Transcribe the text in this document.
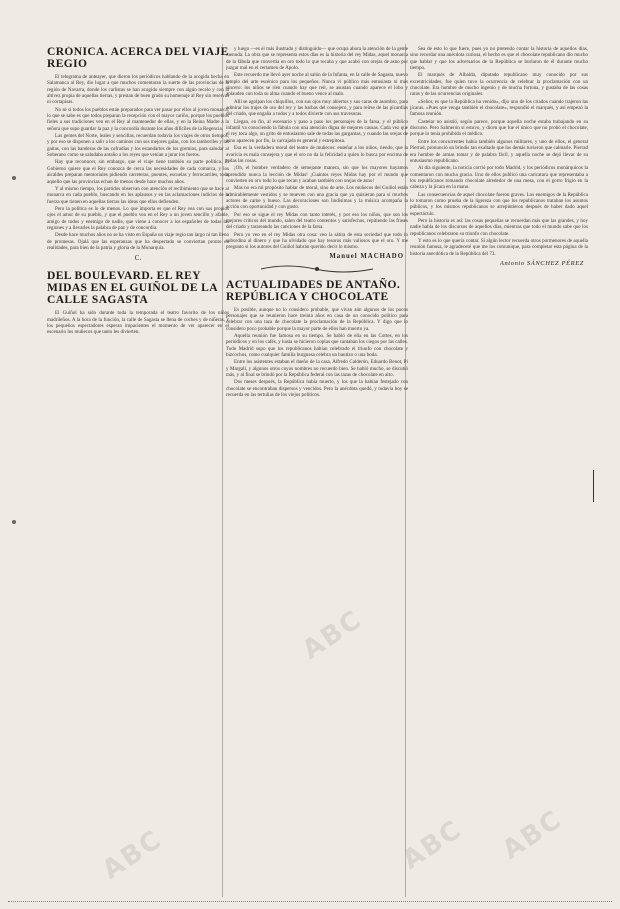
ABC
ABC
ABC ABC
CRÓNICA. ACERCA DEL VIAJE REGIO

El telegrama de anteayer, que dieron los periódicos hablando de la acogida hecha en Salamanca al Rey, dio lugar a que muchos comentaran la suerte de las provincias de la región de Navarra, donde los carlistas se han acogido siempre con algún recelo y con la altivez propia de aquellas tierras, y prestan de buen grado su homenaje al Rey sin reservas ni cortapisas.

No sé si todos los pueblos están preparados para ver pasar por ellos al joven monarca; lo que se sabe es que todos preparan la recepción con el mayor cariño, porque los pueblos fieles a sus tradiciones ven en el Rey al mantenedor de ellas, y en la Reina Madre a la señora que supo guardar la paz y la concordia durante los años difíciles de la Regencia.

Las gentes del Norte, leales y sencillas, recuerdan todavía los viajes de otros tiempos, y por eso se disponen a salir a los caminos con sus mejores galas, con los tamboriles y las gaitas, con las banderas de las cofradías y los estandartes de los gremios, para saludar al Soberano como se saludaba antaño a los reyes que venían a jurar los fueros.

Hay que reconocer, sin embargo, que el viaje tiene también su parte política. El Gobierno quiere que el Rey conozca de cerca las necesidades de cada comarca, y los alcaldes preparan memoriales pidiendo carreteras, puentes, escuelas y ferrocarriles, todo aquello que las provincias echan de menos desde hace muchos años.

Y al mismo tiempo, los partidos observan con atención el recibimiento que se hace al monarca en cada pueblo, buscando en los aplausos y en las aclamaciones indicios de la fuerza que tienen en aquellas tierras las ideas que ellos defienden.

Pero la política es lo de menos. Lo que importa es que el Rey vea con sus propios ojos el amor de su pueblo, y que el pueblo vea en el Rey a un joven sencillo y afable, amigo de todos y enemigo de nadie, que viene a conocer a los españoles de todas las regiones y a llevarles la palabra de paz y de concordia.

Desde hace muchos años no se ha visto en España un viaje regio tan largo ni tan lleno de promesas. Ojalá que las esperanzas que ha despertado se conviertan pronto en realidades, para bien de la patria y gloria de la Monarquía.

C.
DEL BOULEVARD. EL REY MIDAS EN EL GUIÑOL DE LA CALLE SAGASTA

El Guiñol ha sido durante toda la temporada el teatro favorito de los niños madrileños. A la hora de la función, la calle de Sagasta se llena de coches y de niñeras, y los pequeños espectadores esperan impacientes el momento de ver aparecer en el escenario los muñecos que tanto les divierten.

y luego —es el más ilustrado y distinguido— que ocupa ahora la atención de la gente menuda. La obra que se representa estos días es la historia del rey Midas, aquel monarca de la fábula que convertía en oro todo lo que tocaba y que acabó con orejas de asno por juzgar mal en el certamen de Apolo.

Este recuerdo me llevó ayer noche al salón de la Infanta, en la calle de Sagasta, nuevo templo del arte escénico para los pequeños. Nunca vi público más entusiasta ni más sincero: los niños se ríen cuando hay que reír, se asustan cuando aparece el lobo y aplauden con toda su alma cuando el bueno vence al malo.

Allí se agolpan los chiquillos, con sus ojos muy abiertos y sus caras de asombro, para admirar los trajes de oro del rey y las barbas del consejero, y para reírse de las picardías del criado, que engaña a todos y a todos divierte con sus travesuras.

Llegan, en fin, al escenario y paso a paso los personajes de la farsa, y el público infantil va conociendo la fábula con una atención digna de mejores causas. Cada vez que el rey toca algo, un grito de entusiasmo sale de todas las gargantas, y cuando las orejas de asno aparecen por fin, la carcajada es general y estrepitosa.

Esa es la verdadera moral del teatro de muñecos: enseñar a los niños, riendo, que la avaricia es mala consejera y que el oro no da la felicidad a quien lo busca por encima de todas las cosas.

¡Oh, el hombre verdadero de semejante manera, sin que los mayores hayamos aprendido nunca la lección de Midas! ¡Cuántos reyes Midas hay por el mundo que convierten en oro todo lo que tocan y acaban también con orejas de asno!

Mas no era mi propósito hablar de moral, sino de arte. Los muñecos del Guiñol están admirablemente vestidos y se mueven con una gracia que ya quisieran para sí muchos actores de carne y hueso. Las decoraciones son lindísimas y la música acompaña la acción con oportunidad y con gusto.

Por eso se sigue el rey Midas con tanto interés, y por eso los niños, que son los mejores críticos del mundo, salen del teatro contentos y satisfechos, repitiendo las frases del criado y tarareando las canciones de la farsa.

Pero yo veo en el rey Midas otra cosa: veo la sátira de esta sociedad que todo lo subordina al dinero y que ha olvidado que hay tesoros más valiosos que el oro. Y me pregunto si los autores del Guiñol habrán querido decir lo mismo.

Manuel MACHADO
ACTUALIDADES DE ANTAÑO. REPÚBLICA Y CHOCOLATE

Es posible, aunque no lo considero probable, que vivan aún algunos de los pocos personajes que se reunieron hace treinta años en casa de un conocido político para celebrar con una taza de chocolate la proclamación de la República. Y digo que lo considero poco probable porque la mayor parte de ellos han muerto ya.

Aquella reunión fue famosa en su tiempo. Se habló de ella en las Cortes, en los periódicos y en los cafés, y hasta se hicieron coplas que cantaban los ciegos por las calles. Todo Madrid supo que los republicanos habían celebrado el triunfo con chocolate y bizcochos, como cualquier familia burguesa celebra un bautizo o una boda.

Entre los asistentes estaban el dueño de la casa, Alfredo Calderón, Eduardo Benot, Pi y Margall, y algunos otros cuyos nombres no recuerdo bien. Se habló mucho, se discutió más, y al final se brindó por la República federal con las tazas de chocolate en alto.

Dos meses después, la República había muerto, y los que la habían festejado con chocolate se encontraban dispersos y vencidos. Pero la anécdota quedó, y todavía hoy se recuerda en las tertulias de los viejos políticos.

Sea de esto lo que fuere, pues yo no pretendo contar la historia de aquellos días, sino recordar una anécdota curiosa, el hecho es que el chocolate republicano dio mucho que hablar y que los adversarios de la República se burlaron de él durante mucho tiempo.

El marqués de Albaida, diputado republicano muy conocido por sus excentricidades, fue quien tuvo la ocurrencia de celebrar la proclamación con un chocolate. Era hombre de mucho ingenio y de mucha fortuna, y gustaba de las cosas raras y de las ocurrencias originales.

«Señor, es que la República ha venido», dijo uno de los criados cuando trajeron las jícaras. «Pues que venga también el chocolate», respondió el marqués, y así empezó la famosa reunión.

Castelar no asistió, según parece, porque aquella noche estaba trabajando en su discurso. Pero Salmerón sí estuvo, y dicen que fue el único que no probó el chocolate, porque lo tenía prohibido el médico.

Entre los concurrentes había también algunos militares, y uno de ellos, el general Pierrad, pronunció un brindis tan exaltado que los demás tuvieron que calmarle. Pierrad era hombre de armas tomar y de palabra fácil, y aquella noche se dejó llevar de su entusiasmo republicano.

Al día siguiente, la noticia corrió por todo Madrid, y los periódicos monárquicos la comentaron con mucha gracia. Uno de ellos publicó una caricatura que representaba a los republicanos tomando chocolate alrededor de una mesa, con el gorro frigio en la cabeza y la jícara en la mano.

Las consecuencias de aquel chocolate fueron graves. Los enemigos de la República lo tomaron como prueba de la ligereza con que los republicanos trataban los asuntos públicos, y los mismos republicanos se arrepintieron después de haber dado aquel espectáculo.

Pero la historia es así: las cosas pequeñas se recuerdan más que las grandes, y hoy nadie habla de los discursos de aquellos días, mientras que todo el mundo sabe que los republicanos celebraron su triunfo con chocolate.

Y esto es lo que quería contar. Si algún lector recuerda otros pormenores de aquella reunión famosa, le agradeceré que me los comunique, para completar esta página de la historia anecdótica de la República del 73.

Antonio SÁNCHEZ PÉREZ
